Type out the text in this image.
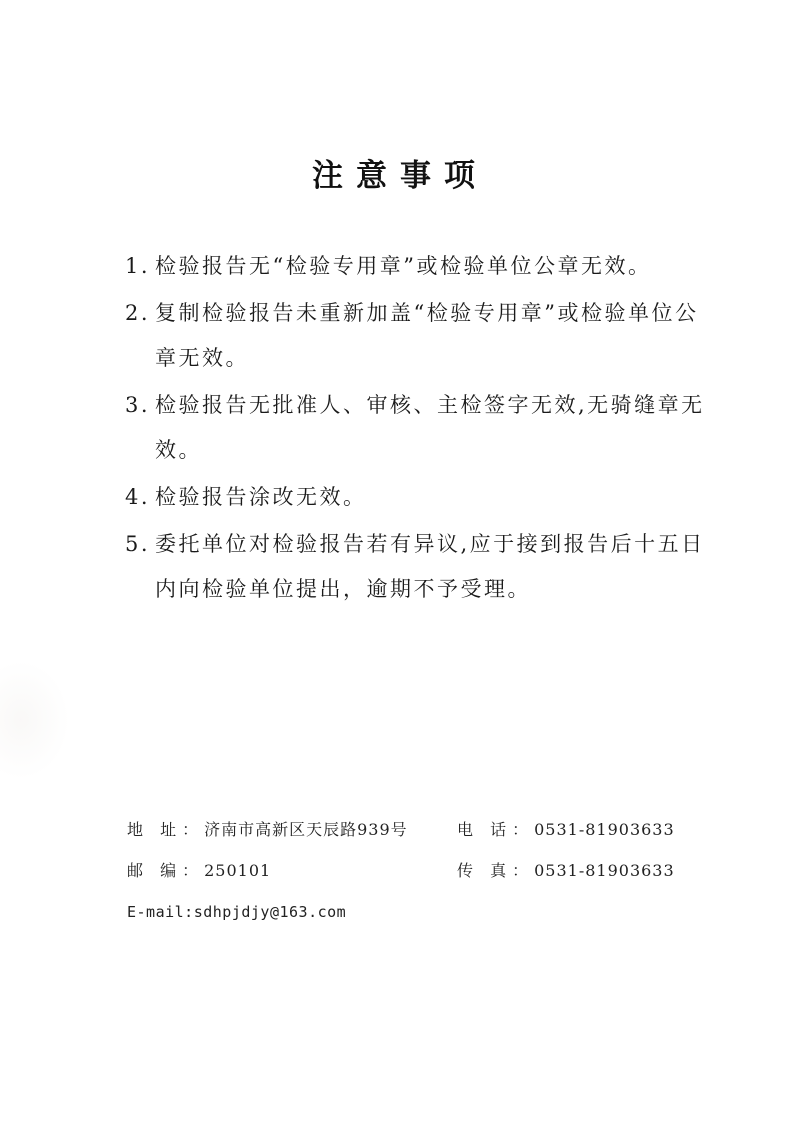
注意事项
1. 检验报告无“检验专用章”或检验单位公章无效。
2. 复制检验报告未重新加盖“检验专用章”或检验单位公章无效。
3. 检验报告无批准人、审核、主检签字无效,无骑缝章无效。
4. 检验报告涂改无效。
5. 委托单位对检验报告若有异议,应于接到报告后十五日内向检验单位提出，逾期不予受理。
地 址：济南市高新区天辰路939号	电 话：0531-81903633
邮 编：250101	传 真：0531-81903633
E-mail:sdhpjdjy@163.com
